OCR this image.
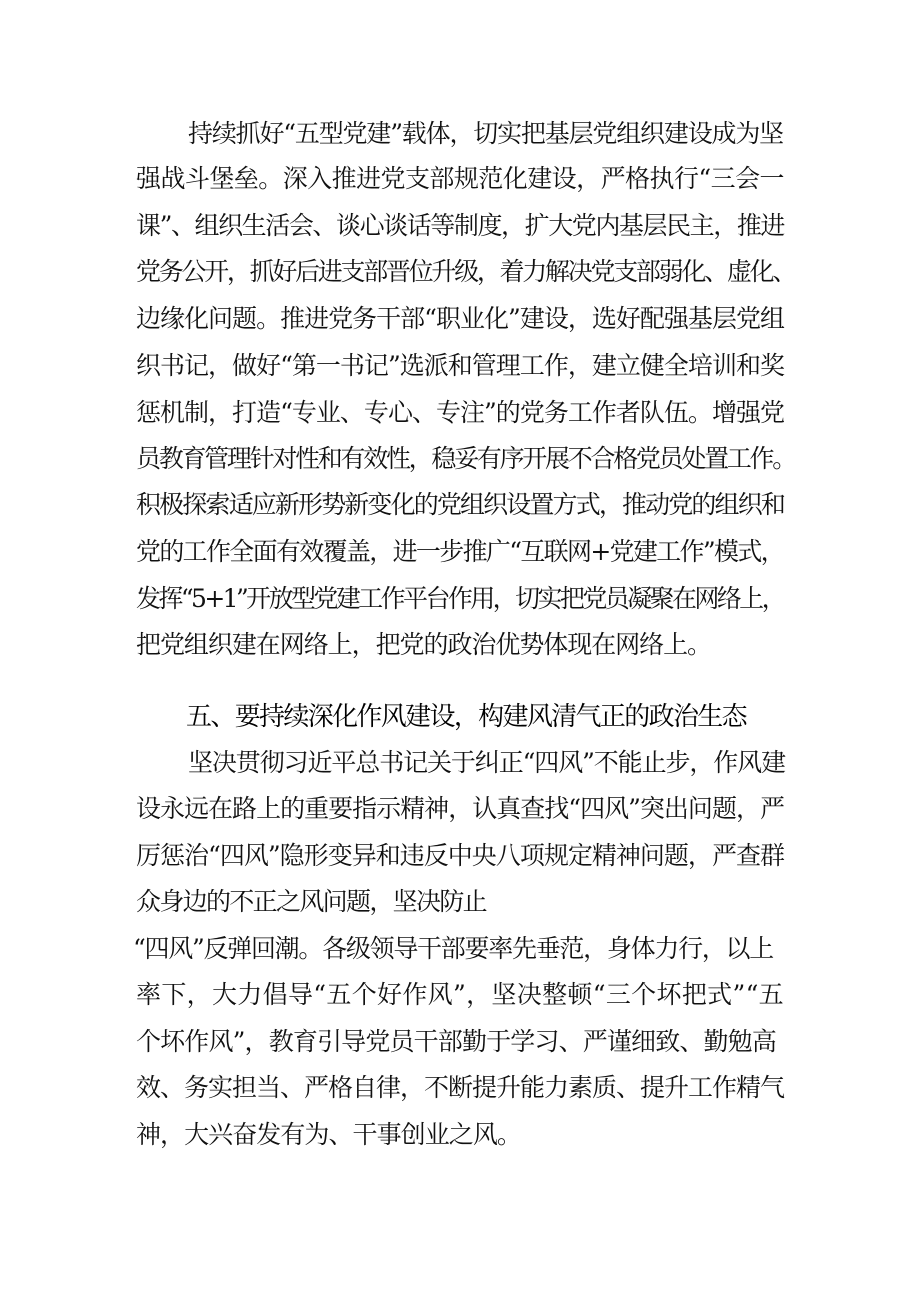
持续抓好“五型党建”载体，切实把基层党组织建设成为坚
强战斗堡垒。深入推进党支部规范化建设，严格执行“三会一
课”、组织生活会、谈心谈话等制度，扩大党内基层民主，推进
党务公开，抓好后进支部晋位升级，着力解决党支部弱化、虚化、
边缘化问题。推进党务干部“职业化”建设，选好配强基层党组
织书记，做好“第一书记”选派和管理工作，建立健全培训和奖
惩机制，打造“专业、专心、专注”的党务工作者队伍。增强党
员教育管理针对性和有效性，稳妥有序开展不合格党员处置工作。
积极探索适应新形势新变化的党组织设置方式，推动党的组织和
党的工作全面有效覆盖，进一步推广“互联网+党建工作”模式，
发挥“5+1”开放型党建工作平台作用，切实把党员凝聚在网络上，
把党组织建在网络上，把党的政治优势体现在网络上。
五、要持续深化作风建设，构建风清气正的政治生态
坚决贯彻习近平总书记关于纠正“四风”不能止步，作风建
设永远在路上的重要指示精神，认真查找“四风”突出问题，严
厉惩治“四风”隐形变异和违反中央八项规定精神问题，严查群
众身边的不正之风问题，坚决防止
“四风”反弹回潮。各级领导干部要率先垂范，身体力行，以上
率下，大力倡导“五个好作风”，坚决整顿“三个坏把式”“五
个坏作风”，教育引导党员干部勤于学习、严谨细致、勤勉高
效、务实担当、严格自律，不断提升能力素质、提升工作精气
神，大兴奋发有为、干事创业之风。
